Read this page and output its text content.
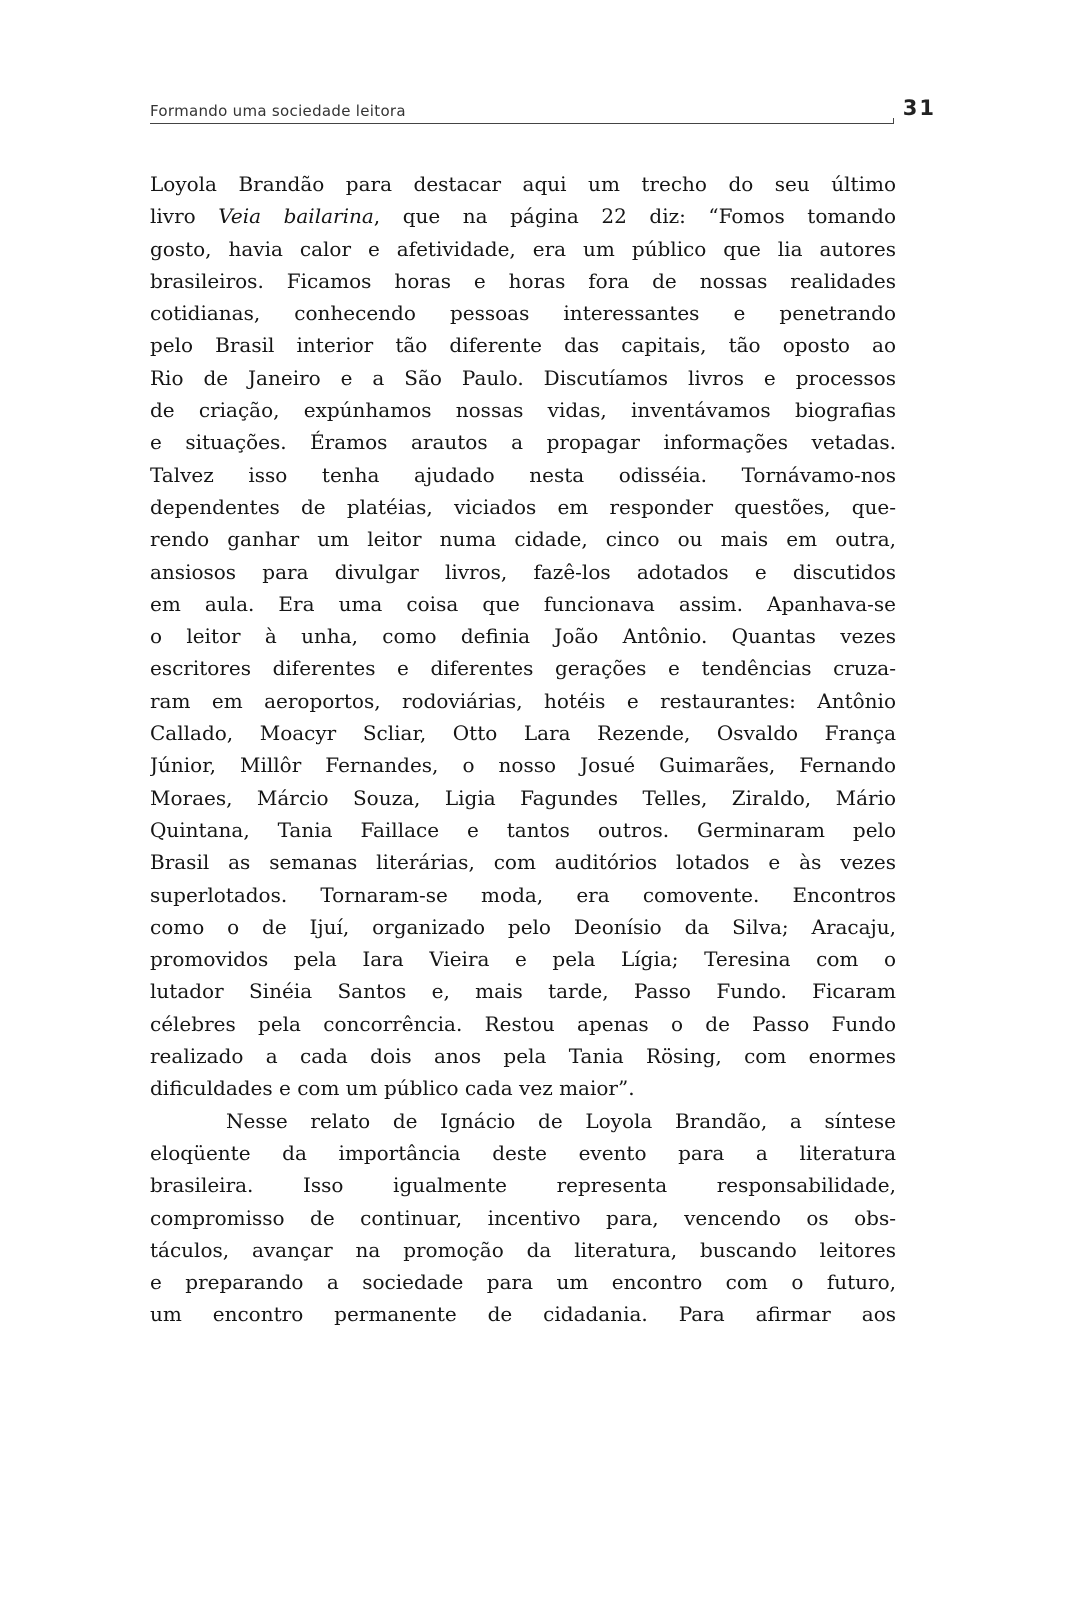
Formando uma sociedade leitora	31

Loyola Brandão para destacar aqui um trecho do seu último
livro Veia bailarina, que na página 22 diz: “Fomos tomando
gosto, havia calor e afetividade, era um público que lia autores
brasileiros. Ficamos horas e horas fora de nossas realidades
cotidianas, conhecendo pessoas interessantes e penetrando
pelo Brasil interior tão diferente das capitais, tão oposto ao
Rio de Janeiro e a São Paulo. Discutíamos livros e processos
de criação, expúnhamos nossas vidas, inventávamos biografias
e situações. Éramos arautos a propagar informações vetadas.
Talvez isso tenha ajudado nesta odisséia. Tornávamo-nos
dependentes de platéias, viciados em responder questões, que-
rendo ganhar um leitor numa cidade, cinco ou mais em outra,
ansiosos para divulgar livros, fazê-los adotados e discutidos
em aula. Era uma coisa que funcionava assim. Apanhava-se
o leitor à unha, como definia João Antônio. Quantas vezes
escritores diferentes e diferentes gerações e tendências cruza-
ram em aeroportos, rodoviárias, hotéis e restaurantes: Antônio
Callado, Moacyr Scliar, Otto Lara Rezende, Osvaldo França
Júnior, Millôr Fernandes, o nosso Josué Guimarães, Fernando
Moraes, Márcio Souza, Ligia Fagundes Telles, Ziraldo, Mário
Quintana, Tania Faillace e tantos outros. Germinaram pelo
Brasil as semanas literárias, com auditórios lotados e às vezes
superlotados. Tornaram-se moda, era comovente. Encontros
como o de Ijuí, organizado pelo Deonísio da Silva; Aracaju,
promovidos pela Iara Vieira e pela Lígia; Teresina com o
lutador Sinéia Santos e, mais tarde, Passo Fundo. Ficaram
célebres pela concorrência. Restou apenas o de Passo Fundo
realizado a cada dois anos pela Tania Rösing, com enormes
dificuldades e com um público cada vez maior”.

Nesse relato de Ignácio de Loyola Brandão, a síntese
eloqüente da importância deste evento para a literatura
brasileira. Isso igualmente representa responsabilidade,
compromisso de continuar, incentivo para, vencendo os obs-
táculos, avançar na promoção da literatura, buscando leitores
e preparando a sociedade para um encontro com o futuro,
um encontro permanente de cidadania. Para afirmar aos
